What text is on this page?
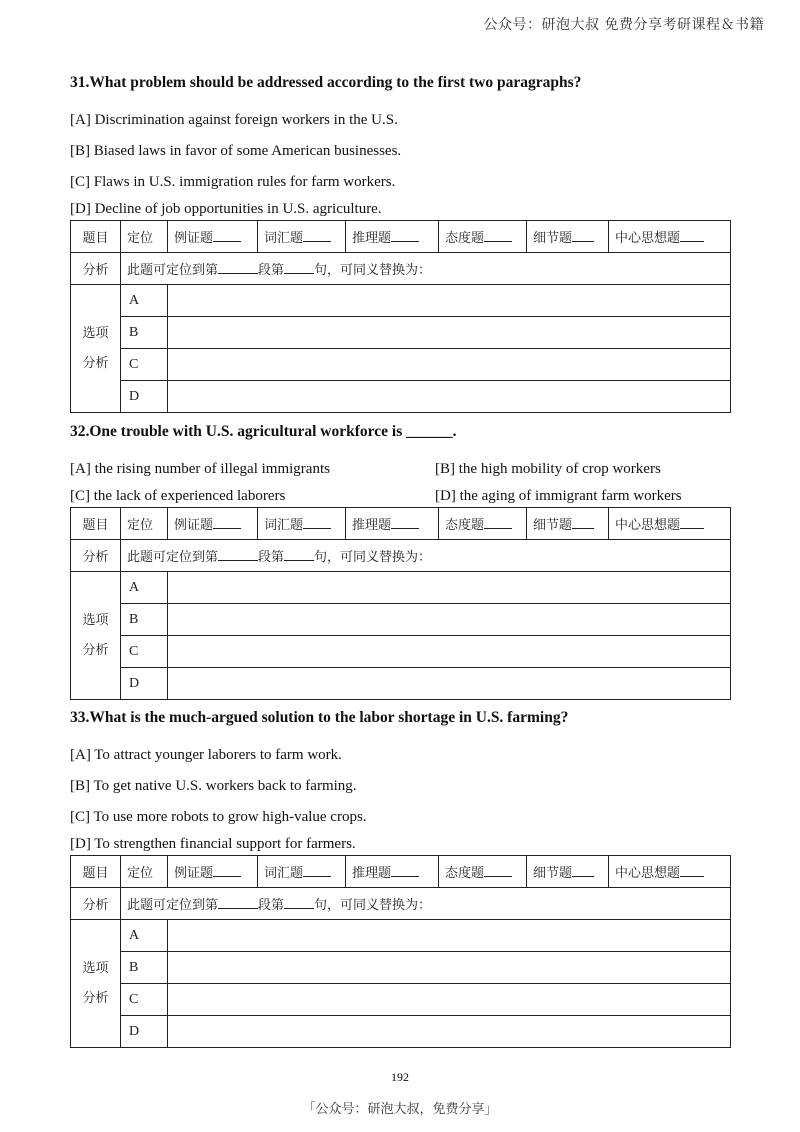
公众号：研泡大叔 免费分享考研课程＆书籍
31.What problem should be addressed according to the first two paragraphs?
[A] Discrimination against foreign workers in the U.S.
[B] Biased laws in favor of some American businesses.
[C] Flaws in U.S. immigration rules for farm workers.
[D] Decline of job opportunities in U.S. agriculture.
题目	定位	例证题	词汇题	推理题	态度题	细节题	中心思想题
分析	此题可定位到第 段第 句，可同义替换为：						

选项
分析	A						
	B						
	C						
	D						
32.One trouble with U.S. agricultural workforce is ______.
[A] the rising number of illegal immigrants	[B] the high mobility of crop workers
[C] the lack of experienced laborers	[D] the aging of immigrant farm workers
题目	定位	例证题	词汇题	推理题	态度题	细节题	中心思想题
分析	此题可定位到第 段第 句，可同义替换为：						

选项
分析	A						
	B						
	C						
	D						
33.What is the much-argued solution to the labor shortage in U.S. farming?
[A] To attract younger laborers to farm work.
[B] To get native U.S. workers back to farming.
[C] To use more robots to grow high-value crops.
[D] To strengthen financial support for farmers.
题目	定位	例证题	词汇题	推理题	态度题	细节题	中心思想题
分析	此题可定位到第 段第 句，可同义替换为：						

选项
分析	A						
	B						
	C						
	D						
192
「公众号：研泡大叔，免费分享」
